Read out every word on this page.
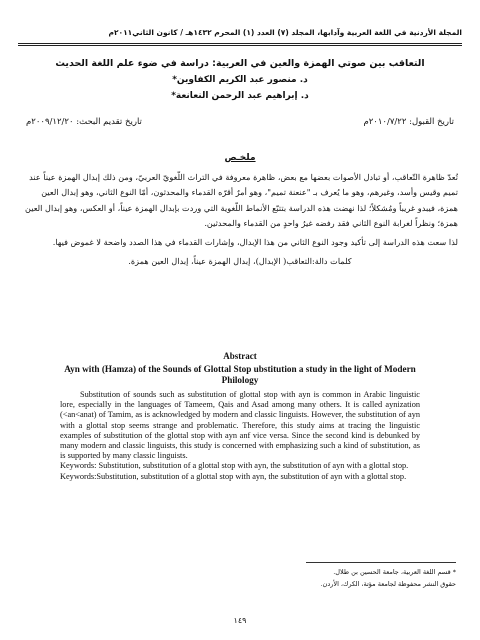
المجلة الأردنية في اللغة العربية وآدابها، المجلد (٧) العدد (١) المحرم ١٤٣٢هـ / كانون الثاني٢٠١١م
التعاقب بين صوتي الهمزة والعين في العربية: دراسة في ضوء علم اللغة الحديث
د. منصور عبد الكريم الكفاوين*
د. إبراهيم عبد الرحمن النعانعة*
تاريخ تقديم البحث: ٢٠٠٩/١٢/٢٠م	تاريخ القبول: ٢٠١٠/٧/٢٢م
ملخـص

تُعدّ ظاهرة التّعاقب، أو تبادل الأصوات بعضها مع بعض، ظاهرة معروفة في التراث اللّغويّ العربيّ، ومن ذلك إبدال الهمزة عيناً عند تميم وقيس وأسد، وغيرهم، وهو ما يُعرف بـ "عنعنة تميم"، وهو أمرٌ أقرّه القدماء والمحدثون، أمّا النوع الثاني، وهو إبدال العين همزة، فيبدو غريباً ومُشكلاً؛ لذا نهضت هذه الدراسة بتتبّع الأنماط اللّغوية التي وردت بإبدال الهمزة عيناً، أو العكس، وهو إبدال العين همزة؛ ونظراً لغرابة النوع الثاني فقد رفضه غيرُ واحدٍ من القدماء والمحدثين.

لذا سعت هذه الدراسة إلى تأكيد وجود النوع الثاني من هذا الإبدال، وإشارات القدماء في هذا الصدد واضحة لا غموض فيها.

كلمات دالة:التعاقب( الإبدال)، إبدال الهمزة عيناً، إبدال العين همزة.

Abstract
Ayn with (Hamza) of the Sounds of Glottal Stop ubstitution a study in the light of Modern Philology

Substitution of sounds such as substitution of glottal stop with ayn is common in Arabic linguistic lore, especially in the languages of Tameem, Qais and Asad among many others. It is called aynization (<an<anat) of Tamim, as is acknowledged by modern and classic linguists. However, the substitution of ayn with a glottal stop seems strange and problematic. Therefore, this study aims at tracing the linguistic examples of substitution of the glottal stop with ayn anf vice versa. Since the second kind is debunked by many modern and classic linguists, this study is concerned with emphasizing such a kind of substitution, as is supported by many classic linguists.

Keywords: Substitution, substitution of a glottal stop with ayn, the substitution of ayn with a glottal stop.

Keywords:Substitution, substitution of a glottal stop with ayn, the substitution of ayn with a glottal stop.

* قسم اللغة العربية، جامعة الحسين بن طلال.
حقوق النشر محفوظة لجامعة مؤتة، الكرك، الأردن.
١٤٩
